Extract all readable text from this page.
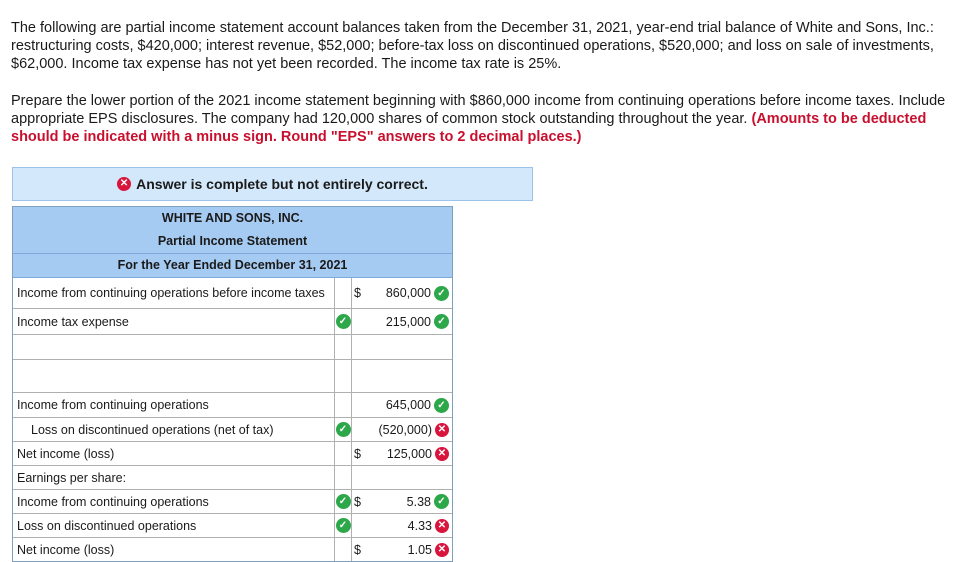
The following are partial income statement account balances taken from the December 31, 2021, year-end trial balance of White and Sons, Inc.: restructuring costs, $420,000; interest revenue, $52,000; before-tax loss on discontinued operations, $520,000; and loss on sale of investments, $62,000. Income tax expense has not yet been recorded. The income tax rate is 25%.
Prepare the lower portion of the 2021 income statement beginning with $860,000 income from continuing operations before income taxes. Include appropriate EPS disclosures. The company had 120,000 shares of common stock outstanding throughout the year. (Amounts to be deducted should be indicated with a minus sign. Round "EPS" answers to 2 decimal places.)
✕ Answer is complete but not entirely correct.
WHITE AND SONS, INC.
Partial Income Statement
For the Year Ended December 31, 2021
Income from continuing operations before income taxes $ 860,000 ✓
Income tax expense	✓	215,000 ✓
Income from continuing operations	645,000 ✓
Loss on discontinued operations (net of tax)	✓	(520,000) ✕
Net income (loss)	$ 125,000 ✕
Earnings per share:
Income from continuing operations	✓ $	5.38 ✓
Loss on discontinued operations	✓	4.33 ✕
Net income (loss)	$	1.05 ✕
